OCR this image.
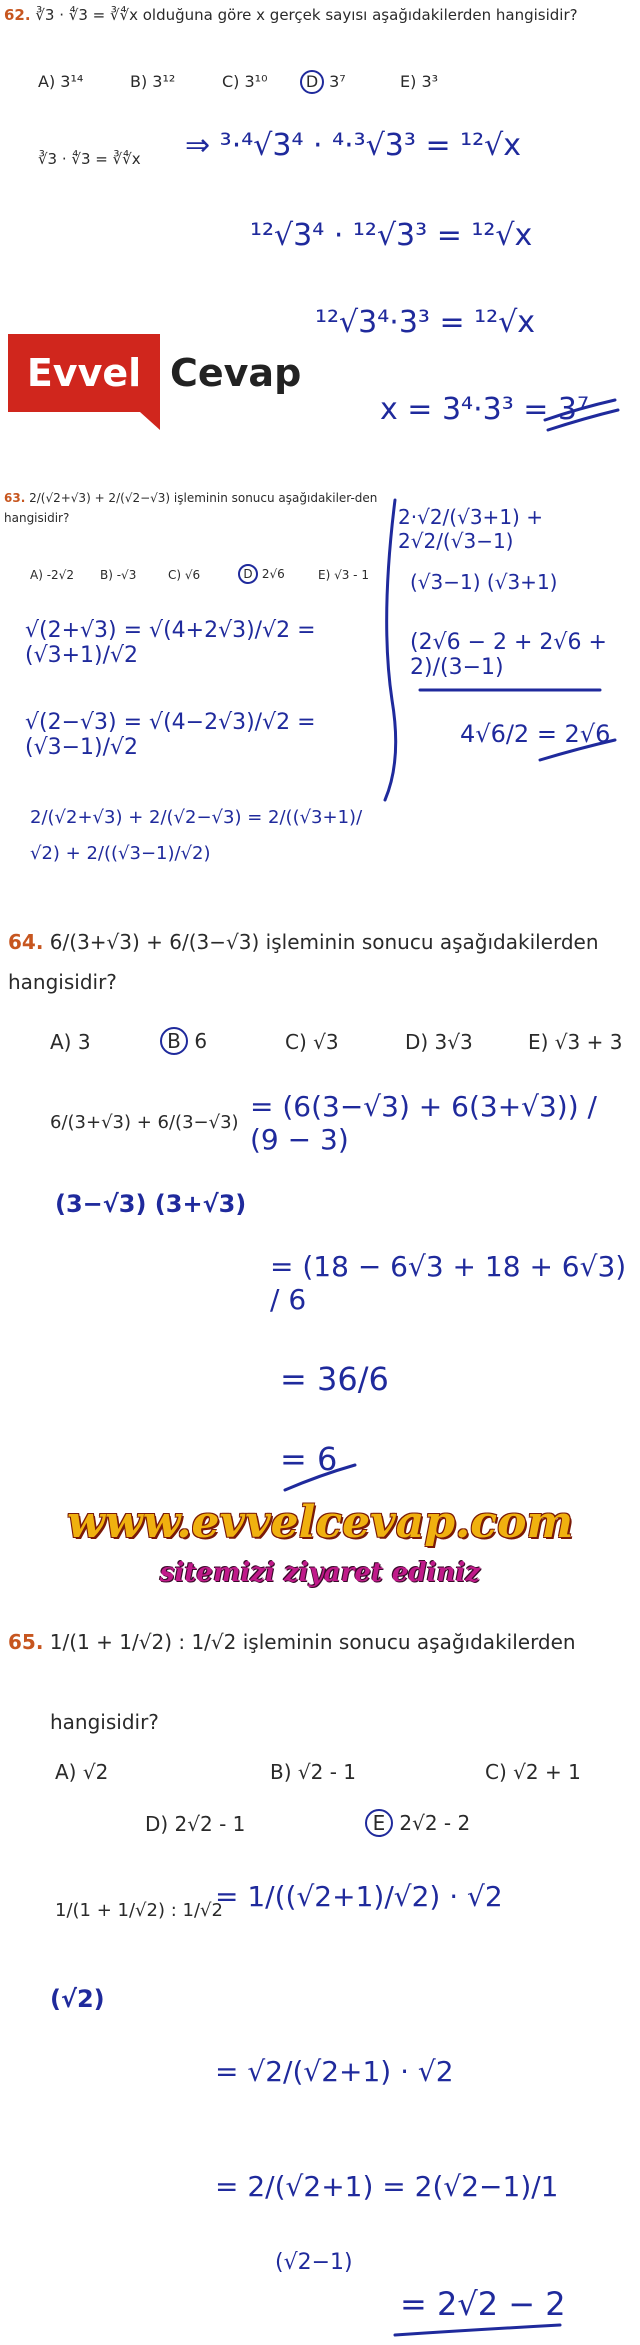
62. ∛3 · ∜3 = ∛∜x olduğuna göre x gerçek sayısı aşağıdakilerden hangisidir?
A) 3¹⁴	B) 3¹²	C) 3¹⁰	D 3⁷	E) 3³
∛3 · ∜3 = ∛∜x ⇒ ³·⁴√3⁴ · ⁴·³√3³ = ¹²√x
¹²√3⁴ · ¹²√3³ = ¹²√x
¹²√3⁴·3³ = ¹²√x
x = 3⁴·3³ = 3⁷
Evvel Cevap
63. 2/(√2+√3) + 2/(√2−√3) işleminin sonucu aşağıdakiler-den hangisidir?
A) -2√2 B) -√3	C) √6	D 2√6	E) √3 - 1
√(2+√3) = √(4+2√3)/√2 = (√3+1)/√2
√(2−√3) = √(4−2√3)/√2 = (√3−1)/√2
2/(√2+√3) + 2/(√2−√3) = 2/((√3+1)/√2) + 2/((√3−1)/√2)
2·√2/(√3+1) + 2√2/(√3−1)
(√3−1) (√3+1)
(2√6 − 2 + 2√6 + 2)/(3−1)
4√6/2 = 2√6
64. 6/(3+√3) + 6/(3−√3) işleminin sonucu aşağıdakilerden hangisidir?
A) 3	B 6	C) √3	D) 3√3	E) √3 + 3
6/(3+√3) + 6/(3−√3) = (6(3−√3) + 6(3+√3)) / (9 − 3)
(3−√3) (3+√3)
= (18 − 6√3 + 18 + 6√3) / 6
= 36/6
= 6
www.evvelcevap.com
sitemizi ziyaret ediniz
65. 1/(1 + 1/√2) : 1/√2 işleminin sonucu aşağıdakilerden
hangisidir?
A) √2	B) √2 - 1	C) √2 + 1
D) 2√2 - 1	E 2√2 - 2
1/(1 + 1/√2) : 1/√2
= 1/((√2+1)/√2) · √2
(√2)
= √2/(√2+1) · √2
= 2/(√2+1) = 2(√2−1)/1
(√2−1)
= 2√2 − 2
